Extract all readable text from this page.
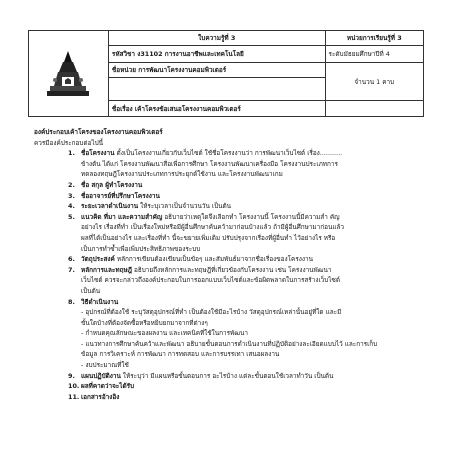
	ใบความรู้ที่ 3	หน่วยการเรียนรู้ที่ 3
	รหัสวิชา ง31102 การงานอาชีพและเทคโนโลยี	ระดับมัธยมศึกษาปีที่ 4
	ชื่อหน่วย การพัฒนาโครงงานคอมพิวเตอร์	จำนวน 1 คาบ

	ชื่อเรื่อง เค้าโครงข้อเสนอโครงงานคอมพิวเตอร์	
องค์ประกอบเค้าโครงของโครงงานคอมพิวเตอร์
ควรมีองค์ประกอบต่อไปนี้
1. ชื่อโครงงาน ตั้งเป็นโครงงานเกี่ยวกับเว็บไซต์ ใช้ชื่อโครงงานว่า การพัฒนาเว็บไซต์ เรื่อง...........
ข้างต้น ได้แก่ โครงงานพัฒนาสื่อเพื่อการศึกษา โครงงานพัฒนาเครื่องมือ โครงงานประเภทการ
ทดลองทฤษฎีโครงงานประเภทการประยุกต์ใช้งาน และโครงงานพัฒนาเกม
2. ชื่อ สกุล ผู้ทำโครงงาน
3. ชื่ออาจารย์ที่ปรึกษาโครงงาน
4. ระยะเวลาดำเนินงาน ให้ระบุเวลาเป็นจำนวนวัน เป็นต้น
5. แนวคิด ที่มา และความสำคัญ อธิบายว่าเหตุใดจึงเลือกทำ โครงงานนี้ โครงงานนี้มีความสำ คัญ
อย่างไร เรื่องที่ทำ เป็นเรื่องใหม่หรือมีผู้อื่นศึกษาค้นคว้ามาก่อนบ้างแล้ว ถ้ามีผู้อื่นศึกษามาก่อนแล้ว
ผลที่ได้เป็นอย่างไร และเรื่องที่ทำ นี้จะขยายเพิ่มเติม ปรับปรุงจากเรื่องที่ผู้อื่นทำ ไว้อย่างไร หรือ
เป็นการทำซ้ำเพื่อเพิ่มประสิทธิภาพของระบบ
6. วัตถุประสงค์ หลักการเขียนต้องเขียนเป็นข้อๆ และสัมพันธ์มาจากชื่อเรื่องของโครงงาน
7. หลักการและทฤษฎี อธิบายถึงหลักการและทฤษฎีที่เกี่ยวข้องกับโครงงาน เช่น โครงงานพัฒนา
เว็บไซต์ ควรจะกล่าวถึงองค์ประกอบในการออกแบบเว็บไซต์และข้อผิดพลาดในการสร้างเว็บไซต์
เป็นต้น
8. วิธีดำเนินงาน
- อุปกรณ์ที่ต้องใช้ ระบุวัสดุอุปกรณ์ที่ทำ เป็นต้องใช้มีอะไรบ้าง วัสดุอุปกรณ์เหล่านั้นอยู่ที่ใด และมี
ขั้นใดบ้างที่ต้องจัดซื้อหรือหยิบยกมาจากที่ต่างๆ
- กำหนดคุณลักษณะของผลงาน และเทคนิคที่ใช้ในการพัฒนา
- แนวทางการศึกษาค้นคว้าและพัฒนา อธิบายขั้นตอนการดำเนินงานที่ปฏิบัติอย่างละเอียดแบบไว้ และการเก็บ
ข้อมูล การวิเคราะห์ การพัฒนา การทดสอบ และการบรรเทา เสนอผลงาน
- งบประมาณที่ใช้
9. แผนปฏิบัติงาน ให้ระบุว่า มีแผนหรือขั้นตอนการ อะไรบ้าง แต่ละขั้นตอนใช้เวลาทำวัน เป็นต้น
10. ผลที่คาดว่าจะได้รับ
11. เอกสารอ้างอิง
